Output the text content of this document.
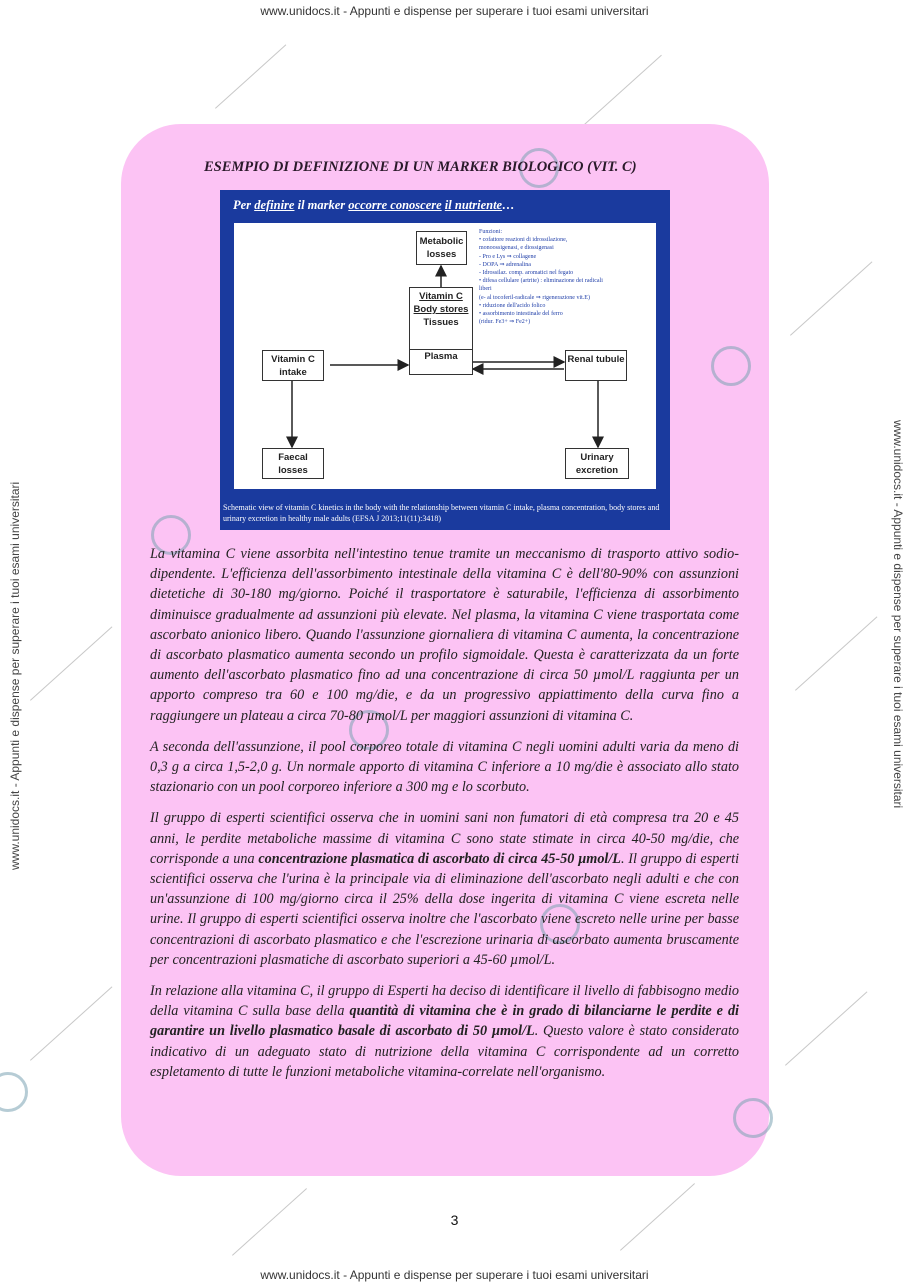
www.unidocs.it - Appunti e dispense per superare i tuoi esami universitari
www.unidocs.it - Appunti e dispense per superare i tuoi esami universitari	www.unidocs.it - Appunti e dispense per superare i tuoi esami universitari
ESEMPIO DI DEFINIZIONE DI UN MARKER BIOLOGICO (VIT. C)
Per definire il marker occorre conoscere il nutriente…
Metabolic losses
Vitamin C
Body stores
Tissues
Plasma
Vitamin C intake
Renal tubule
Faecal losses
Urinary excretion
Funzioni:
• cofattore reazioni di idrossilazione,
monoossigenasi, e diossigenasi
- Pro e Lys ⇒ collagene
- DOPA ⇒ adrenalina
- Idrossilaz. comp. aromatici nel fegato
• difesa cellulare (artrite) : eliminazione dei radicali
liberi
(e- al tocoferil-radicale ⇒ rigenerazione vit.E)
• riduzione dell'acido folico
• assorbimento intestinale del ferro
(ridur. Fe3+ ⇒ Fe2+)
Schematic view of vitamin C kinetics in the body with the relationship between vitamin C intake, plasma concentration, body stores and urinary excretion in healthy male adults (EFSA J 2013;11(11):3418)

La vitamina C viene assorbita nell'intestino tenue tramite un meccanismo di trasporto attivo sodio-dipendente. L'efficienza dell'assorbimento intestinale della vitamina C è dell'80-90% con assunzioni dietetiche di 30-180 mg/giorno. Poiché il trasportatore è saturabile, l'efficienza di assorbimento diminuisce gradualmente ad assunzioni più elevate. Nel plasma, la vitamina C viene trasportata come ascorbato anionico libero. Quando l'assunzione giornaliera di vitamina C aumenta, la concentrazione di ascorbato plasmatico aumenta secondo un profilo sigmoidale. Questa è caratterizzata da un forte aumento dell'ascorbato plasmatico fino ad una concentrazione di circa 50 µmol/L raggiunta per un apporto compreso tra 60 e 100 mg/die, e da un progressivo appiattimento della curva fino a raggiungere un plateau a circa 70-80 µmol/L per maggiori assunzioni di vitamina C.

A seconda dell'assunzione, il pool corporeo totale di vitamina C negli uomini adulti varia da meno di 0,3 g a circa 1,5-2,0 g. Un normale apporto di vitamina C inferiore a 10 mg/die è associato allo stato stazionario con un pool corporeo inferiore a 300 mg e lo scorbuto.

Il gruppo di esperti scientifici osserva che in uomini sani non fumatori di età compresa tra 20 e 45 anni, le perdite metaboliche massime di vitamina C sono state stimate in circa 40-50 mg/die, che corrisponde a una concentrazione plasmatica di ascorbato di circa 45-50 µmol/L. Il gruppo di esperti scientifici osserva che l'urina è la principale via di eliminazione dell'ascorbato negli adulti e che con un'assunzione di 100 mg/giorno circa il 25% della dose ingerita di vitamina C viene escreta nelle urine. Il gruppo di esperti scientifici osserva inoltre che l'ascorbato viene escreto nelle urine per basse concentrazioni di ascorbato plasmatico e che l'escrezione urinaria di ascorbato aumenta bruscamente per concentrazioni plasmatiche di ascorbato superiori a 45-60 µmol/L.

In relazione alla vitamina C, il gruppo di Esperti ha deciso di identificare il livello di fabbisogno medio della vitamina C sulla base della quantità di vitamina che è in grado di bilanciarne le perdite e di garantire un livello plasmatico basale di ascorbato di 50 µmol/L. Questo valore è stato considerato indicativo di un adeguato stato di nutrizione della vitamina C corrispondente ad un corretto espletamento di tutte le funzioni metaboliche vitamina-correlate nell'organismo.

3
www.unidocs.it - Appunti e dispense per superare i tuoi esami universitari
